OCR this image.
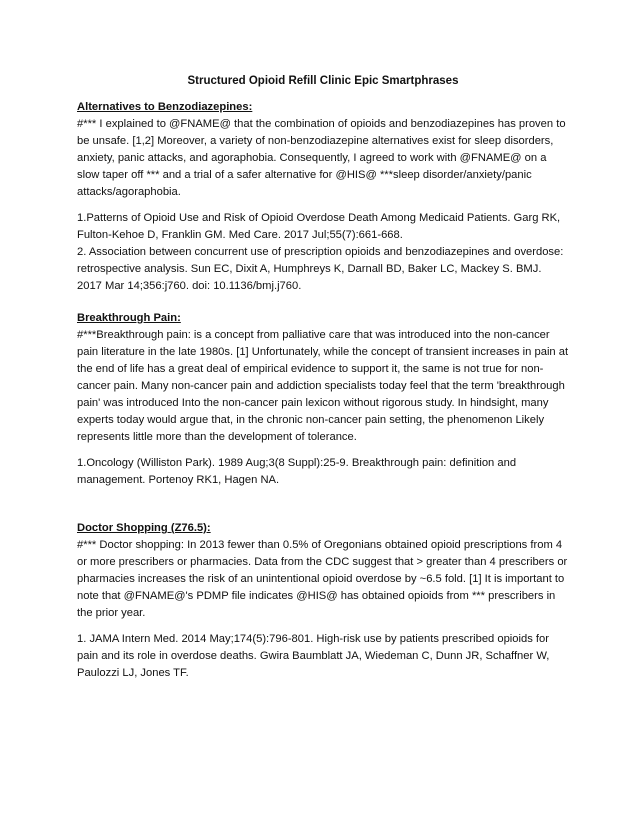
Structured Opioid Refill Clinic Epic Smartphrases

Alternatives to Benzodiazepines:

#*** I explained to @FNAME@ that the combination of opioids and benzodiazepines has proven to be unsafe. [1,2] Moreover, a variety of non-benzodiazepine alternatives exist for sleep disorders, anxiety, panic attacks, and agoraphobia. Consequently, I agreed to work with @FNAME@ on a slow taper off *** and a trial of a safer alternative for @HIS@ ***sleep disorder/anxiety/panic attacks/agoraphobia.

1.Patterns of Opioid Use and Risk of Opioid Overdose Death Among Medicaid Patients. Garg RK, Fulton-Kehoe D, Franklin GM. Med Care. 2017 Jul;55(7):661-668.

2. Association between concurrent use of prescription opioids and benzodiazepines and overdose: retrospective analysis. Sun EC, Dixit A, Humphreys K, Darnall BD, Baker LC, Mackey S. BMJ. 2017 Mar 14;356:j760. doi: 10.1136/bmj.j760.

Breakthrough Pain:

#***Breakthrough pain: is a concept from palliative care that was introduced into the non-cancer pain literature in the late 1980s. [1] Unfortunately, while the concept of transient increases in pain at the end of life has a great deal of empirical evidence to support it, the same is not true for non-cancer pain. Many non-cancer pain and addiction specialists today feel that the term 'breakthrough pain' was introduced Into the non-cancer pain lexicon without rigorous study. In hindsight, many experts today would argue that, in the chronic non-cancer pain setting, the phenomenon Likely represents little more than the development of tolerance.

1.Oncology (Williston Park). 1989 Aug;3(8 Suppl):25-9. Breakthrough pain: definition and management. Portenoy RK1, Hagen NA.

Doctor Shopping (Z76.5):

#*** Doctor shopping: In 2013 fewer than 0.5% of Oregonians obtained opioid prescriptions from 4 or more prescribers or pharmacies. Data from the CDC suggest that > greater than 4 prescribers or pharmacies increases the risk of an unintentional opioid overdose by ~6.5 fold. [1] It is important to note that @FNAME@'s PDMP file indicates @HIS@ has obtained opioids from *** prescribers in the prior year.

1. JAMA Intern Med. 2014 May;174(5):796-801. High-risk use by patients prescribed opioids for pain and its role in overdose deaths. Gwira Baumblatt JA, Wiedeman C, Dunn JR, Schaffner W, Paulozzi LJ, Jones TF.
